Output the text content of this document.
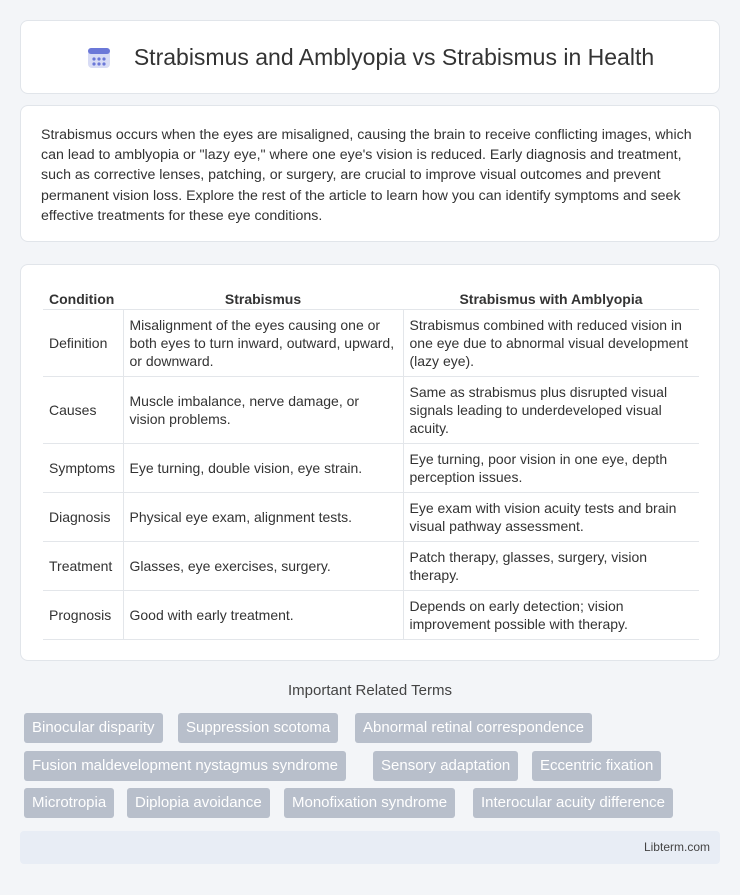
Strabismus and Amblyopia vs Strabismus in Health

Strabismus occurs when the eyes are misaligned, causing the brain to receive conflicting images, which can lead to amblyopia or "lazy eye," where one eye's vision is reduced. Early diagnosis and treatment, such as corrective lenses, patching, or surgery, are crucial to improve visual outcomes and prevent permanent vision loss. Explore the rest of the article to learn how you can identify symptoms and seek effective treatments for these eye conditions.

Condition	Strabismus	Strabismus with Amblyopia
Definition	Misalignment of the eyes causing one or both eyes to turn inward, outward, upward, or downward.	Strabismus combined with reduced vision in one eye due to abnormal visual development (lazy eye).
Causes	Muscle imbalance, nerve damage, or vision problems.	Same as strabismus plus disrupted visual signals leading to underdeveloped visual acuity.
Symptoms	Eye turning, double vision, eye strain.	Eye turning, poor vision in one eye, depth perception issues.
Diagnosis	Physical eye exam, alignment tests.	Eye exam with vision acuity tests and brain visual pathway assessment.
Treatment	Glasses, eye exercises, surgery.	Patch therapy, glasses, surgery, vision therapy.
Prognosis	Good with early treatment.	Depends on early detection; vision improvement possible with therapy.
Important Related Terms
Binocular disparity	Suppression scotoma	Abnormal retinal correspondence
Fusion maldevelopment nystagmus syndrome	Sensory adaptation	Eccentric fixation
Microtropia	Diplopia avoidance	Monofixation syndrome	Interocular acuity difference
Libterm.com
